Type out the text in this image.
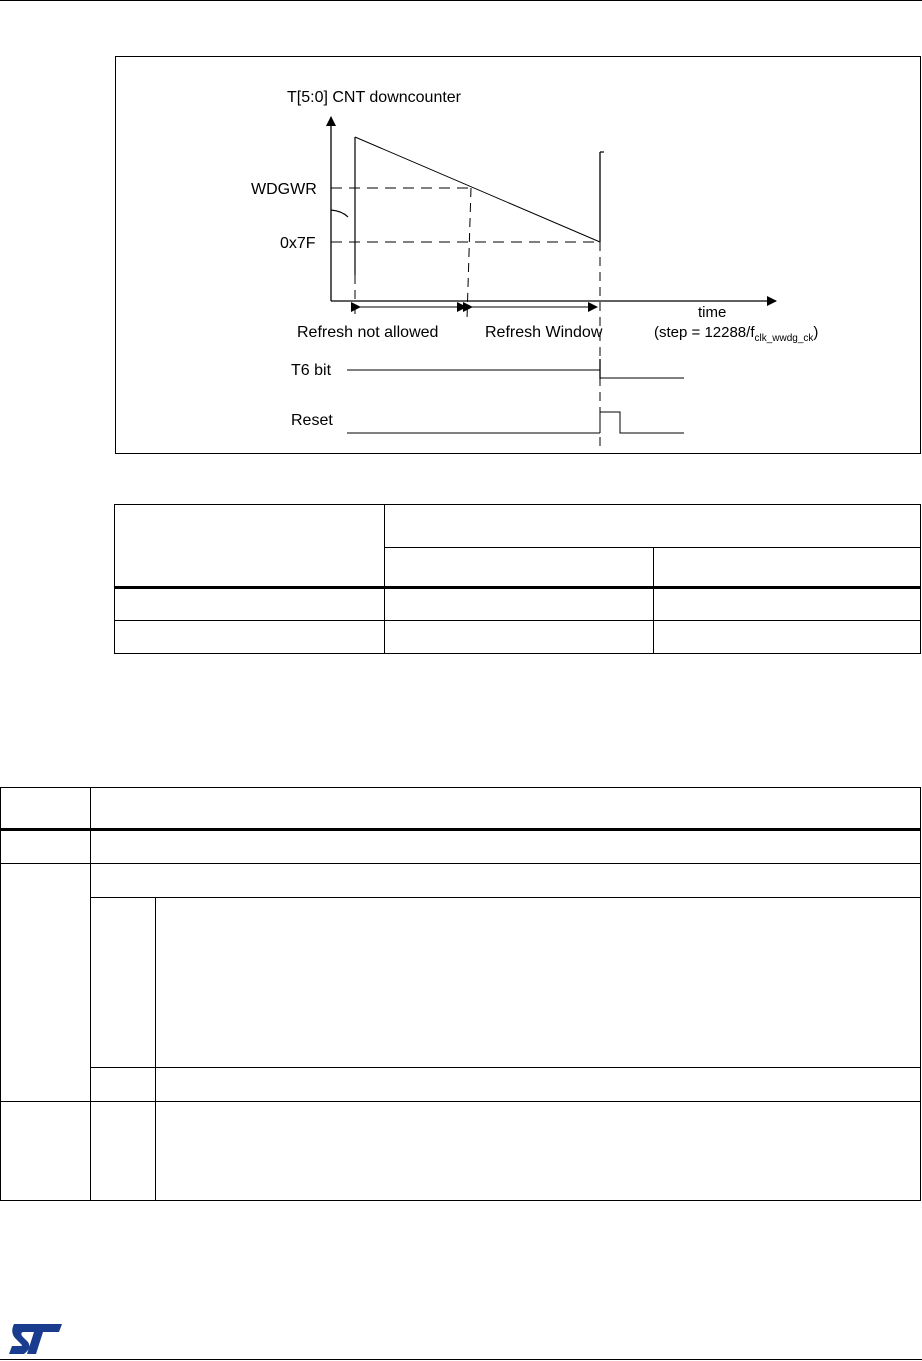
T[5:0] CNT downcounter
time
WDGWR
0x7F
Refresh not allowed	Refresh Window	(step = $12288/f_{clk\_wwdg\_ck}$)
T6 bit
Reset
